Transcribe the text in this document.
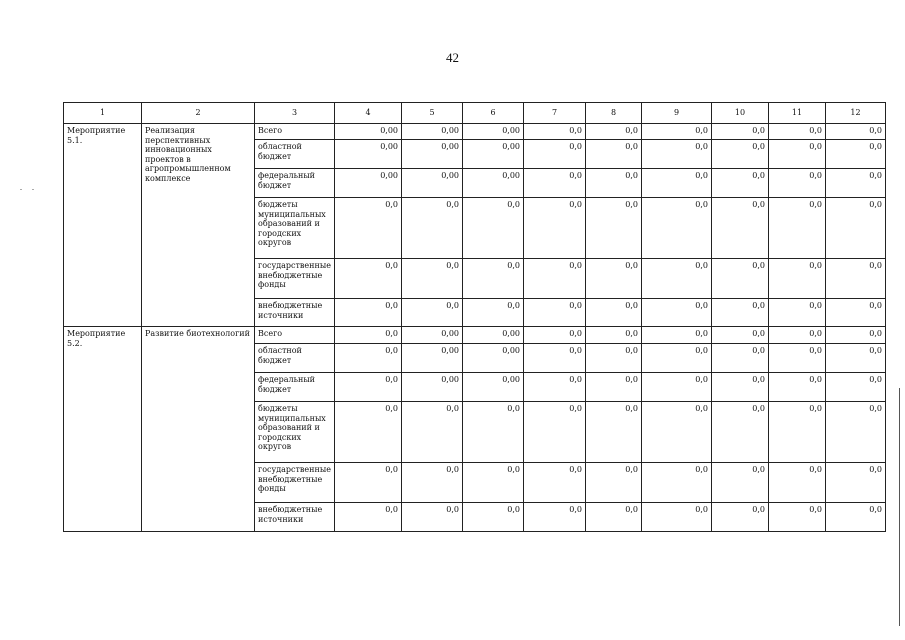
42
1	2	3	4	5	6	7	8	9	10	11	12
Мероприятие 5.1.	Реализация перспективных инновационных проектов в агропромышленном комплексе	Всего	0,00	0,00	0,00	0,0	0,0	0,0	0,0	0,0	0,0
		областной бюджет	0,00	0,00	0,00	0,0	0,0	0,0	0,0	0,0	0,0
		федеральный бюджет	0,00	0,00	0,00	0,0	0,0	0,0	0,0	0,0	0,0
		бюджеты муниципальных образований и городских округов	0,0	0,0	0,0	0,0	0,0	0,0	0,0	0,0	0,0
		государственные внебюджетные фонды	0,0	0,0	0,0	0,0	0,0	0,0	0,0	0,0	0,0
		внебюджетные источники	0,0	0,0	0,0	0,0	0,0	0,0	0,0	0,0	0,0
Мероприятие 5.2.	Развитие биотехнологий	Всего	0,0	0,00	0,00	0,0	0,0	0,0	0,0	0,0	0,0
		областной бюджет	0,0	0,00	0,00	0,0	0,0	0,0	0,0	0,0	0,0
		федеральный бюджет	0,0	0,00	0,00	0,0	0,0	0,0	0,0	0,0	0,0
		бюджеты муниципальных образований и городских округов	0,0	0,0	0,0	0,0	0,0	0,0	0,0	0,0	0,0
		государственные внебюджетные фонды	0,0	0,0	0,0	0,0	0,0	0,0	0,0	0,0	0,0
		внебюджетные источники	0,0	0,0	0,0	0,0	0,0	0,0	0,0	0,0	0,0
